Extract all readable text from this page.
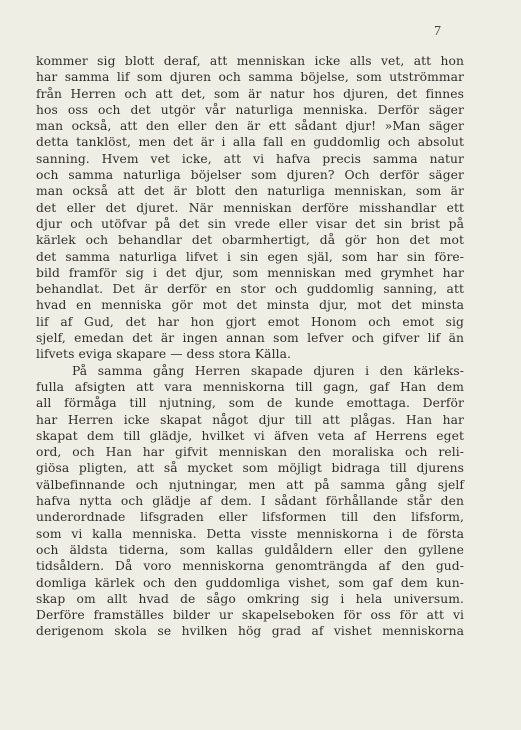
7
kommer sig blott deraf, att menniskan icke alls vet, att hon
har samma lif som djuren och samma böjelse, som utströmmar
från Herren och att det, som är natur hos djuren, det finnes
hos oss och det utgör vår naturliga menniska. Derför säger
man också, att den eller den är ett sådant djur! »Man säger
detta tanklöst, men det är i alla fall en guddomlig och absolut
sanning. Hvem vet icke, att vi hafva precis samma natur
och samma naturliga böjelser som djuren? Och derför säger
man också att det är blott den naturliga menniskan, som är
det eller det djuret. När menniskan derföre misshandlar ett
djur och utöfvar på det sin vrede eller visar det sin brist på
kärlek och behandlar det obarmhertigt, då gör hon det mot
det samma naturliga lifvet i sin egen själ, som har sin före-
bild framför sig i det djur, som menniskan med grymhet har
behandlat. Det är derför en stor och guddomlig sanning, att
hvad en menniska gör mot det minsta djur, mot det minsta
lif af Gud, det har hon gjort emot Honom och emot sig
sjelf, emedan det är ingen annan som lefver och gifver lif än
lifvets eviga skapare — dess stora Källa.
På samma gång Herren skapade djuren i den kärleks-
fulla afsigten att vara menniskorna till gagn, gaf Han dem
all förmåga till njutning, som de kunde emottaga. Derför
har Herren icke skapat något djur till att plågas. Han har
skapat dem till glädje, hvilket vi äfven veta af Herrens eget
ord, och Han har gifvit menniskan den moraliska och reli-
giösa pligten, att så mycket som möjligt bidraga till djurens
välbefinnande och njutningar, men att på samma gång sjelf
hafva nytta och glädje af dem. I sådant förhållande står den
underordnade lifsgraden eller lifsformen till den lifsform,
som vi kalla menniska. Detta visste menniskorna i de första
och äldsta tiderna, som kallas guldåldern eller den gyllene
tidsåldern. Då voro menniskorna genomträngda af den gud-
domliga kärlek och den guddomliga vishet, som gaf dem kun-
skap om allt hvad de sågo omkring sig i hela universum.
Derföre framställes bilder ur skapelseboken för oss för att vi
derigenom skola se hvilken hög grad af vishet menniskorna
